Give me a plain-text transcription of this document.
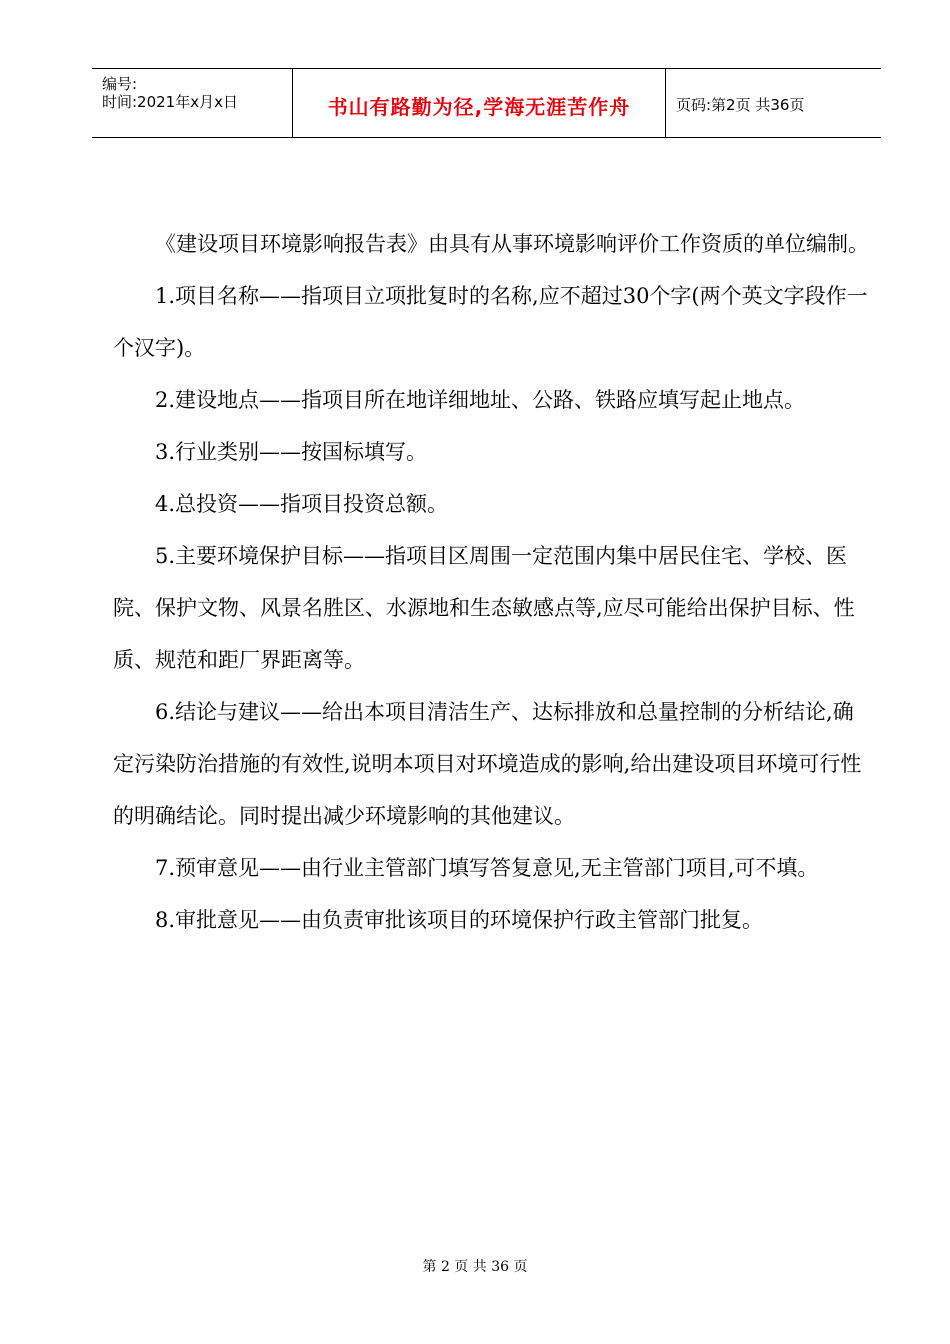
编号:
时间:2021年x月x日	书山有路勤为径,学海无涯苦作舟	页码:第2页 共36页

《建设项目环境影响报告表》由具有从事环境影响评价工作资质的单位编制。

1.项目名称——指项目立项批复时的名称,应不超过30个字(两个英文字段作一个汉字)。

2.建设地点——指项目所在地详细地址、公路、铁路应填写起止地点。

3.行业类别——按国标填写。

4.总投资——指项目投资总额。

5.主要环境保护目标——指项目区周围一定范围内集中居民住宅、学校、医院、保护文物、风景名胜区、水源地和生态敏感点等,应尽可能给出保护目标、性质、规范和距厂界距离等。

6.结论与建议——给出本项目清洁生产、达标排放和总量控制的分析结论,确定污染防治措施的有效性,说明本项目对环境造成的影响,给出建设项目环境可行性的明确结论。同时提出减少环境影响的其他建议。

7.预审意见——由行业主管部门填写答复意见,无主管部门项目,可不填。

8.审批意见——由负责审批该项目的环境保护行政主管部门批复。

第 2 页 共 36 页
